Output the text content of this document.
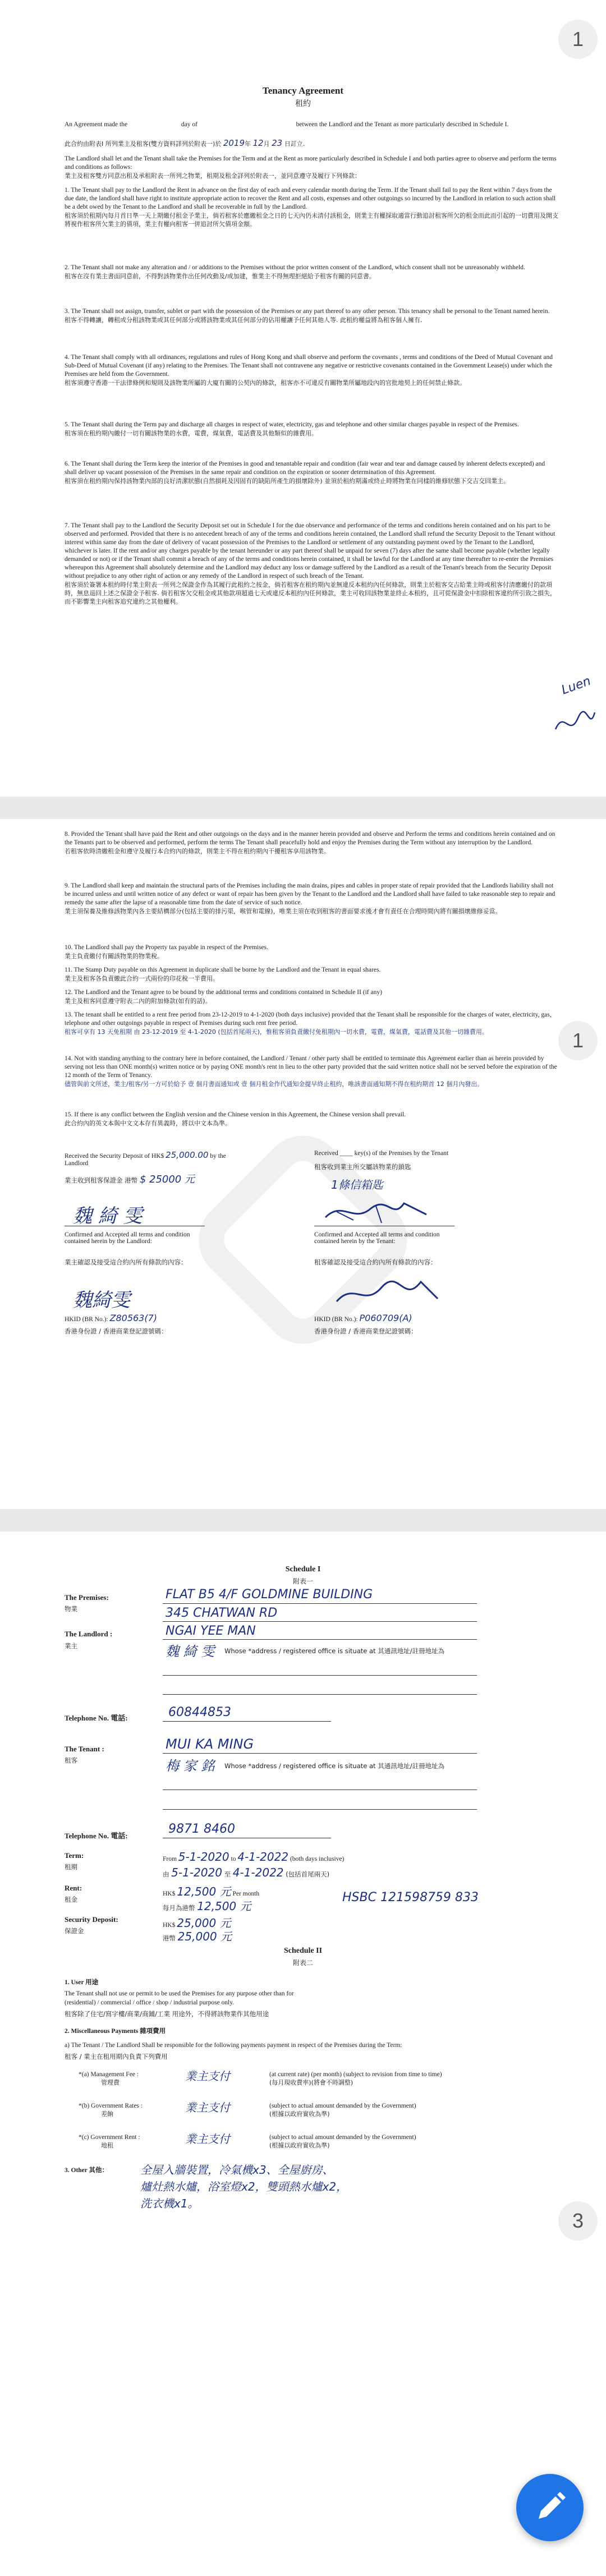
1
Tenancy Agreement
租約
An Agreement made the	day of	between the Landlord and the Tenant as more particularly described in Schedule I.
此合約由附表I 所列業主及租客(雙方資料詳列於附表一)於 2019年 12月 23 日訂立.

The Landlord shall let and the Tenant shall take the Premises for the Term and at the Rent as more particularly described in Schedule I and both parties agree to observe and perform the terms and conditions as follows:

業主及租客雙方同意出租及承租附表一所列之物業，租期及租金詳列於附表一，並同意遵守及履行下列條款：

1. The Tenant shall pay to the Landlord the Rent in advance on the first day of each and every calendar month during the Term. If the Tenant shall fail to pay the Rent within 7 days from the due date, the landlord shall have right to institute appropriate action to recover the Rent and all costs, expenses and other outgoings so incurred by the Landlord in relation to such action shall be a debt owed by the Tenant to the Landlord and shall be recoverable in full by the Landlord.

租客須於租期內每月首日準一天上期繳付租金予業主，倘若租客於應繳租金之日的七天內仍未清付該租金，則業主有權採取適當行動追討租客所欠的租金而此而引起的一切費用及開支將視作租客所欠業主的債項，業主有權向租客一併追討所欠債項金額。

2. The Tenant shall not make any alteration and / or additions to the Premises without the prior written consent of the Landlord, which consent shall not be unreasonably withheld.

租客在沒有業主書面同意前，不得對該物業作出任何改動及/或加建，惟業主不得無理拒絕給予租客有關的同意書。

3. The Tenant shall not assign, transfer, sublet or part with the possession of the Premises or any part thereof to any other person. This tenancy shall be personal to the Tenant named herein.

租客不得轉讓，轉租或分租該物業或其任何部分或將該物業或其任何部分的佔用權讓予任何其他人等. 此租約權益將為租客個人擁有.

4. The Tenant shall comply with all ordinances, regulations and rules of Hong Kong and shall observe and perform the covenants , terms and conditions of the Deed of Mutual Covenant and Sub-Deed of Mutual Covenant (if any) relating to the Premises. The Tenant shall not contravene any negative or restrictive covenants contained in the Government Lease(s) under which the Premises are held from the Government.

租客須遵守香港一干法律條例和規則及該物業所屬的大廈有關的公契內的條款，租客亦不可違反有關物業所屬地段內的官批地契上的任何禁止條款。

5. The Tenant shall during the Term pay and discharge all charges in respect of water, electricity, gas and telephone and other similar charges payable in respect of the Premises.

租客須在租約期內繳付一切有關該物業的水費，電費，煤氣費，電話費及其他類似的雜費用。

6. The Tenant shall during the Term keep the interior of the Premises in good and tenantable repair and condition (fair wear and tear and damage caused by inherent defects excepted) and shall deliver up vacant possession of the Premises in the same repair and condition on the expiration or sooner determination of this Agreement.

租客須在租約期內保持該物業內部的良好清潔狀態(自然損耗及因固有的缺陷所產生的損壞除外) 並須於租約期滿或終止時將物業在同樣的維修狀態下交吉交回業主。

7. The Tenant shall pay to the Landlord the Security Deposit set out in Schedule I for the due observance and performance of the terms and conditions herein contained and on his part to be observed and performed. Provided that there is no antecedent breach of any of the terms and conditions herein contained, the Landlord shall refund the Security Deposit to the Tenant without interest within same day from the date of delivery of vacant possession of the Premises to the Landlord or settlement of any outstanding payment owed by the Tenant to the Landlord, whichever is later. If the rent and/or any charges payable by the tenant hereunder or any part thereof shall be unpaid for seven (7) days after the same shall become payable (whether legally demanded or not) or if the Tenant shall commit a breach of any of the terms and conditions herein contained, it shall be lawful for the Landlord at any time thereafter to re-enter the Premises whereupon this Agreement shall absolutely determine and the Landlord may deduct any loss or damage suffered by the Landlord as a result of the Tenant's breach from the Security Deposit without prejudice to any other right of action or any remedy of the Landlord in respect of such breach of the Tenant.

租客須於簽署本租約時付業主附表一所列之保證金作為其履行此租約之按金，倘若租客在租約期內並無違反本租約內任何條款，則業主於租客交吉給業主時或租客付清應繳付的款項時，無息退回上述之保證金予租客. 倘若租客欠交租金或其他款項超過七天或違反本租約內任何條款，業主可收回該物業並終止本租約，且可從保證金中扣除租客違約所引致之損失，而不影響業主向租客追究違約之其他權利。

Luen
1

8. Provided the Tenant shall have paid the Rent and other outgoings on the days and in the manner herein provided and observe and Perform the terms and conditions herein contained and on the Tenants part to be observed and performed, perform the terms The Tenant shall peacefully hold and enjoy the Premises during the Term without any interruption by the Landlord.

若租客依時清繳租金和遵守及履行本合約內的條款，則業主不得在租約期內干擾租客享用該物業。

9. The Landlord shall keep and maintain the structural parts of the Premises including the main drains, pipes and cables in proper state of repair provided that the Landlords liability shall not be incurred unless and until written notice of any defect or want of repair has been given by the Tenant to the Landlord and the Landlord shall have failed to take reasonable step to repair and remedy the same after the lapse of a reasonable time from the date of service of such notice.

業主須保養及維修該物業內各主要結構部分(包括主要的排污渠，喉管和電線)，唯業主須在收到租客的書面要求後才會有責任在合理時間內將有關損壞維修妥當。

10. The Landlord shall pay the Property tax payable in respect of the Premises.

業主負責繳付有關該物業的物業稅。

11. The Stamp Duty payable on this Agreement in duplicate shall be borne by the Landlord and the Tenant in equal shares.

業主及租客各負責繳此合約一式兩份的印花稅一半費用。

12. The Landlord and the Tenant agree to be bound by the additional terms and conditions contained in Schedule II (if any)

業主及租客同意遵守附表二內的附加條款(如有的話)。

13. The tenant shall be entitled to a rent free period from 23-12-2019 to 4-1-2020 (both days inclusive) provided that the Tenant shall be responsible for the charges of water, electricity, gas, telephone and other outgoings payable in respect of Premises during such rent free period.

租客可享有 13 天免租期 由 23-12-2019 至 4-1-2020 (包括首尾兩天)，惟租客須負責繳付免租期內一切水費，電費，煤氣費，電話費及其他一切雜費用。

14. Not with standing anything to the contrary here in before contained, the Landlord / Tenant / other party shall be entitled to terminate this Agreement earlier than as herein provided by serving not less than ONE month(s) written notice or by paying ONE month's rent in lieu to the other party provided that the said written notice shall not be served before the expiration of the 12 month of the Term of Tenancy.

儘管與前文所述，業主/租客/另一方可於給予 壹 個月書面通知或 壹 個月租金作代通知金提早終止租約，唯該書面通知期不得在租約期首 12 個月內發出。

15. If there is any conflict between the English version and the Chinese version in this Agreement, the Chinese version shall prevail.

此合約內的英文本與中文文本存有異義時，將以中文本為準。

Received the Security Deposit of HK$ 25,000.00 by the Landlord
業主收到租客保證金 港幣 $ 25000 元
魏 綺 雯
Confirmed and Accepted all terms and condition contained herein by the Landlord:
業主確認及接受這合約內所有條款的內容：
魏綺雯
HKID (BR No.): Z80563(7)
香港身份證 / 香港商業登記證號碼：
Received ____ key(s) of the Premises by the Tenant
租客收到業主所交屬該物業的鎖匙
1條信箱匙
Confirmed and Accepted all terms and condition contained herein by the Tenant:
租客確認及接受這合約內所有條款的內容：
HKID (BR No.): P060709(A)
香港身份證 / 香港商業登記證號碼：
Schedule I
附表一
The Premises:
物業
FLAT B5 4/F GOLDMINE BUILDING
345 CHATWAN RD
The Landlord :
業主
NGAI YEE MAN
魏 綺 雯 Whose *address / registered office is situate at 其通訊地址/註冊地址為
Telephone No. 電話:	60844853
The Tenant :
租客
MUI KA MING
梅 家 銘 Whose *address / registered office is situate at 其通訊地址/註冊地址為
Telephone No. 電話:	9871 8460
Term:
租期
From 5-1-2020 to 4-1-2022 (both days inclusive)
由 5-1-2020 至 4-1-2022 (包括首尾兩天)
Rent:
租金
HK$ 12,500 元 Per month
每月為港幣 12,500 元
HSBC 121598759 833
Security Deposit:
保證金
HK$ 25,000 元
港幣 25,000 元
Schedule II
附表二
1. User 用途
The Tenant shall not use or permit to be used the Premises for any purpose other than for
(residential) / commercial / office / shop / industrial purpose only.
租客除了住宅/寫字樓/商業/商鋪/工業 用途外，不得將該物業作其他用途
2. Miscellaneous Payments 雜項費用
a) The Tenant / The Landlord Shall be responsible for the following payments payment in respect of the Premises during the Term:
租客 / 業主在租用期內負責下列費用
*(a) Management Fee :
管理費	業主支付	(at current rate) (per month) (subject to revision from time to time)
(每月現收費率)(將會不時調整)
*(b) Government Rates :
差餉	業主支付	(subject to actual amount demanded by the Government)
(根據以政府實收為準)
*(c) Government Rent :
地租	業主支付	(subject to actual amount demanded by the Government)
(根據以政府實收為準)
3. Other 其他：	全屋入牆裝置，冷氣機x3、全屋廚房、
爐灶熱水爐，浴室燈x2，雙頭熱水爐x2，
洗衣機x1。
3
